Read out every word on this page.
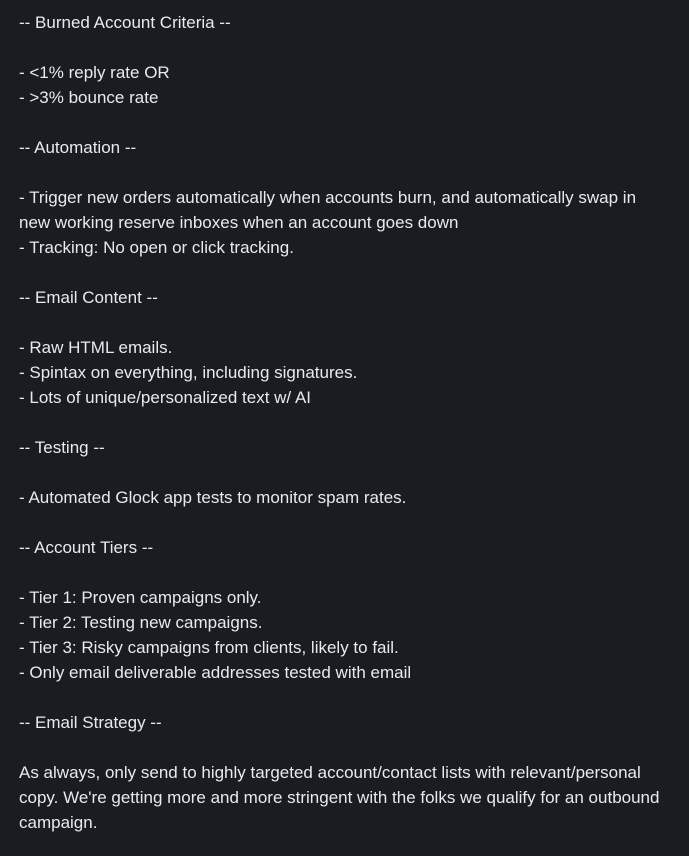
-- Burned Account Criteria --
- <1% reply rate OR
- >3% bounce rate
-- Automation --
- Trigger new orders automatically when accounts burn, and automatically swap in new working reserve inboxes when an account goes down
- Tracking: No open or click tracking.
-- Email Content --
- Raw HTML emails.
- Spintax on everything, including signatures.
- Lots of unique/personalized text w/ AI
-- Testing --
- Automated Glock app tests to monitor spam rates.
-- Account Tiers --
- Tier 1: Proven campaigns only.
- Tier 2: Testing new campaigns.
- Tier 3: Risky campaigns from clients, likely to fail.
- Only email deliverable addresses tested with email
-- Email Strategy --
As always, only send to highly targeted account/contact lists with relevant/personal copy. We're getting more and more stringent with the folks we qualify for an outbound campaign.
